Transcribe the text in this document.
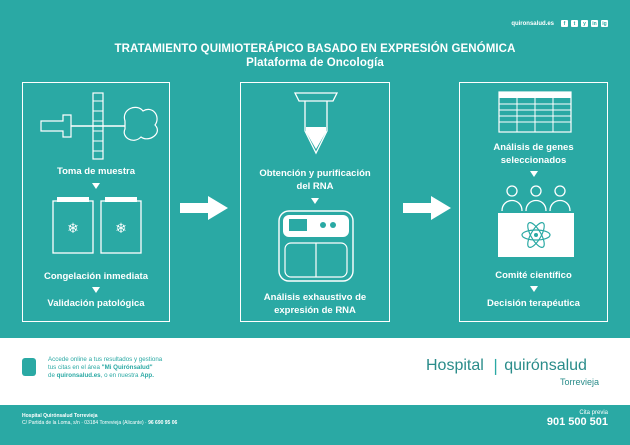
quironsalud.es	f	t	y	in ig
TRATAMIENTO QUIMIOTERÁPICO BASADO EN EXPRESIÓN GENÓMICA
Plataforma de Oncología
Toma de muestra
❄	❄
Congelación inmediata
Validación patológica
Obtención y purificación
del RNA
Análisis exhaustivo de
expresión de RNA
Análisis de genes
seleccionados
Comité científico
Decisión terapéutica
Accede online a tus resultados y gestiona
tus citas en el área "Mi Quirónsalud"
de quironsalud.es, o en nuestra App.
Hospital ❘ quirónsalud
Torrevieja
Hospital Quirónsalud Torrevieja
C/ Partida de la Loma, s/n · 03184 Torrevieja (Alicante) · 96 690 95 06
Cita previa
901 500 501
